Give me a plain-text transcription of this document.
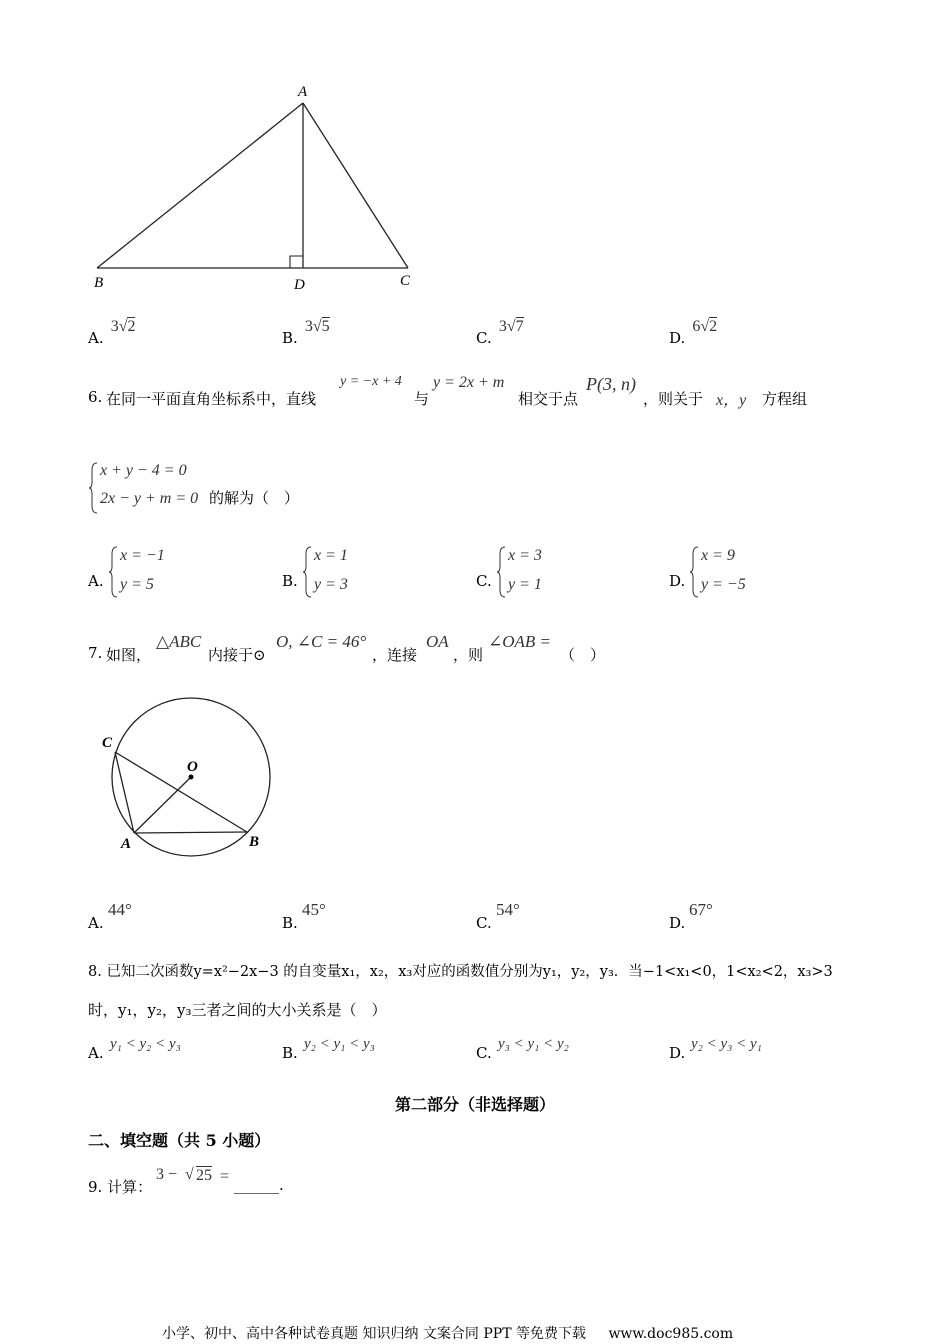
A
B	D	C
A. 3√2
B. 3√5
C. 3√7
D. 6√2
6. 在同一平面直角坐标系中，直线
y = −x + 4
与
y = 2x + m
相交于点
P(3, n)
，则关于 x，y 方程组
x + y − 4 = 0
2x − y + m = 0 的解为（　）
A.
x = −1
y = 5	B.
x = 1
y = 3	C.
x = 3
y = 1	D.
x = 9
y = −5
7. 如图，
△ABC
内接于⊙
O, ∠C = 46°
，连接
OA
，则
∠OAB =
（　）
C
O
A	B
A.
44°
B.
45°
C.
54°
D.
67°
8. 已知二次函数y=x²−2x−3 的自变量x₁，x₂，x₃对应的函数值分别为y₁，y₂，y₃．当−1<x₁<0，1<x₂<2，x₃>3
时，y₁，y₂，y₃三者之间的大小关系是（　）
A. y₁ < y₂ < y₃	B. y₂ < y₁ < y₃	C. y₃ < y₁ < y₂	D. y₂ < y₃ < y₁
第二部分（非选择题）
二、填空题（共 5 小题）
9. 计算：
3 − √ 25 = ______.
小学、初中、高中各种试卷真题 知识归纳 文案合同 PPT 等免费下载 www.doc985.com
